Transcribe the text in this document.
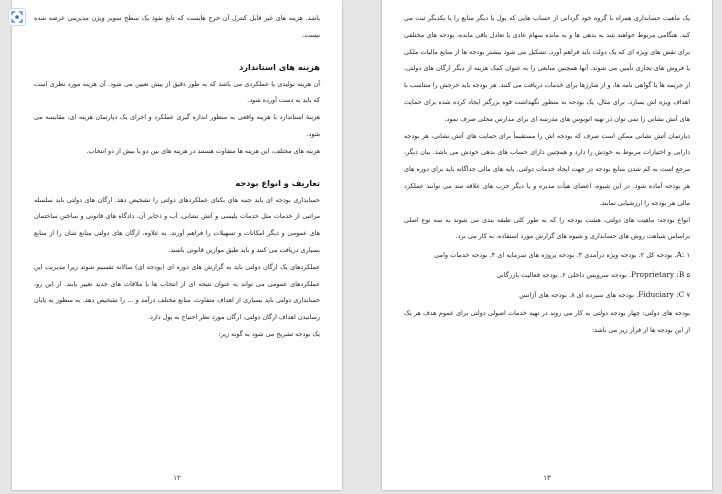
باشد. هزینه های غیر قابل کنترل آن خرج هایست که تابع نفوذ یک سطح سوپر ویژن مدیریتی عرضه شده نیست.

هزینه های استاندارد

آن هزینه تولیدی یا عملکردی می باشد که به طور دقیق از پیش تعیین می شود. آن هزینه مورد نظری است که باید به دست آورده شود.

هزینهٔ استاندارد با هزینه واقعی به منظور اندازه گیری عملکرد و اجرای یک دپارتمان هزینه ای، مقایسه می شود.

هزینه های مختلف، این هزینه ها متفاوت هستند در هزینه های بین دو یا بیش از دو انتخاب.

تعاریف و انواع بودجه

حسابداری بودجه ای باید جنبه های بکنای عملکردهای دولتی را تشخیص دهد. ارگان های دولتی باید سلسله مراتبی از خدمات مثل خدمات پلیسی و آتش نشانی، آب و ذخایر آن، دادگاه های قانونی و ساختن ساختمان های عمومی و دیگر امکانات و تسهیلات را فراهم آورند. به علاوه، ارگان های دولتی منابع شان را از منابع بسیاری دریافت می کنند و باید طبق موازین قانونی باشند.

عملکردهای یک ارگان دولتی باید به گزارش های دوره ای (بودجه ای) سالانه تقسیم شوند زیرا مدیریت این عملکردهای عمومی می تواند به عنوان نتیجه ای از انتخاب ها با ملاقات های جدید تغییر یابند. از این رو، حسابداری دولتی باید بسیاری از اهداف متفاوت، منابع مختلف درآمد و ... را تشخیص دهد. به منظور به پایان رسانیدن اهداف ارگان دولتی، ارگان مورد نظر احتیاج به پول دارد.

یک بودجه تشریح می شود به گونه زیر:

۱۲

یک ماهیت حسابداری همراه با گروه خود گردانی از حساب هایی که پول یا دیگر منابع را با یکدیگر ثبت می کند. هنگامی مربوط خواهند شد به بدهی ها و به مانده سهام عادی یا تعادل باقی مانده، بودجه های مختلفی برای نقش های ویژه ای که یک دولت باید فراهم آورد، تشکیل می شود بیشتر بودجه ها از منابع مالیات ملکی یا فروش های تجاری تأمین می شوند. آنها همچنین منابعی را به عنوان کمک هزینه از دیگر ارگان های دولتی، از جریمه ها یا گواهی نامه ها، و از شارژها برای خدمات دریافت می کنند. هر بودجه باید خرجش را متناسب با اهداف ویژه اش بسازد. برای مثال، یک بودجه به منظور نگهداشت قوه بزرگتر ایجاد کرده شده برای حمایت های آتش نشانی را نمی توان در تهیه اتوبوس های مدرسه ای برای مدارس محلی صرف نمود.

دپارتمان آتش نشانی ممکن است صرف که بودجه اش را مستقیماً برای حمایت های آتش نشانی، هر بودجه دارایی و اختیارات مربوط به خودش را دارد و همچنین دارای حساب های بدهی خودش می باشد. بیان دیگر، مرجع است به کم شدن منابع بودجه در جهت ایجاد خدمات دولتی. پایه های مالی جداگانه باید برای دوره های هر بودجه آماده شود. در این شیوه، اعضای هیأت مدیره و یا دیگر حزب های علاقه مند می توانند عملکرد مالی هر بودجه را ارزشیابی نمایند.

انواع بودجه: ماهیت های دولتی، هشت بودجه را که به طور کلی طبقه بندی می شوند به سه نوع اصلی براساس شباهت روش های حسابداری و شیوه های گزارش مورد استفاده، به کار می برد.

A: ۱. بودجه کل ۲. بودجه ویژه درآمدی ۳. بودجه پروژه های سرمایه ای ۴. بودجه خدمات وامی
Proprietary :B ۵. بودجه سرویس داخلی ۶. بودجه فعالیت بازرگانی
Fiduciary :C ۷. بودجه های سپرده ای ۸. بودجه های آژانس

بودجه های دولتی: چهار بودجه دولتی به کار می روند در تهیه خدمات اصولی دولتی برای عموم هدف هر یک از این بودجه ها از قرار زیر می باشد:

۱۳
